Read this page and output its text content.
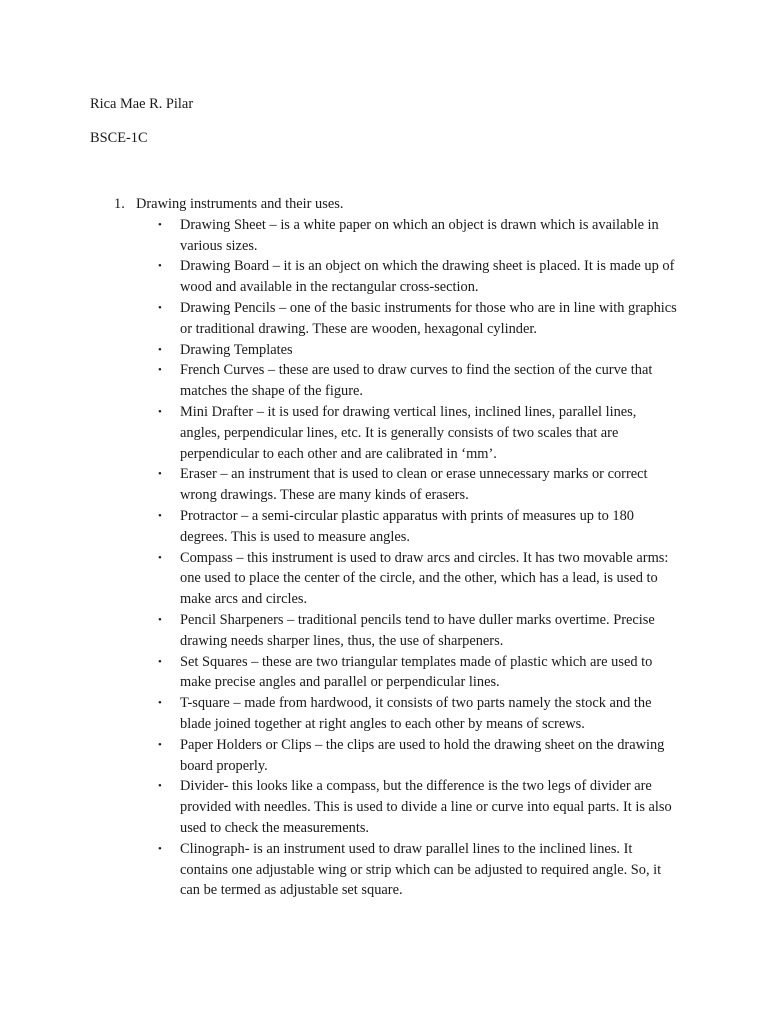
Rica Mae R. Pilar

BSCE-1C

1. Drawing instruments and their uses.
• Drawing Sheet – is a white paper on which an object is drawn which is available in various sizes.
• Drawing Board – it is an object on which the drawing sheet is placed. It is made up of wood and available in the rectangular cross-section.
• Drawing Pencils – one of the basic instruments for those who are in line with graphics or traditional drawing. These are wooden, hexagonal cylinder.
• Drawing Templates
• French Curves – these are used to draw curves to find the section of the curve that matches the shape of the figure.
• Mini Drafter – it is used for drawing vertical lines, inclined lines, parallel lines, angles, perpendicular lines, etc. It is generally consists of two scales that are perpendicular to each other and are calibrated in ‘mm’.
• Eraser – an instrument that is used to clean or erase unnecessary marks or correct wrong drawings. These are many kinds of erasers.
• Protractor – a semi-circular plastic apparatus with prints of measures up to 180 degrees. This is used to measure angles.
• Compass – this instrument is used to draw arcs and circles. It has two movable arms: one used to place the center of the circle, and the other, which has a lead, is used to make arcs and circles.
• Pencil Sharpeners – traditional pencils tend to have duller marks overtime. Precise drawing needs sharper lines, thus, the use of sharpeners.
• Set Squares – these are two triangular templates made of plastic which are used to make precise angles and parallel or perpendicular lines.
• T-square – made from hardwood, it consists of two parts namely the stock and the blade joined together at right angles to each other by means of screws.
• Paper Holders or Clips – the clips are used to hold the drawing sheet on the drawing board properly.
• Divider- this looks like a compass, but the difference is the two legs of divider are provided with needles. This is used to divide a line or curve into equal parts. It is also used to check the measurements.
• Clinograph- is an instrument used to draw parallel lines to the inclined lines. It contains one adjustable wing or strip which can be adjusted to required angle. So, it can be termed as adjustable set square.
